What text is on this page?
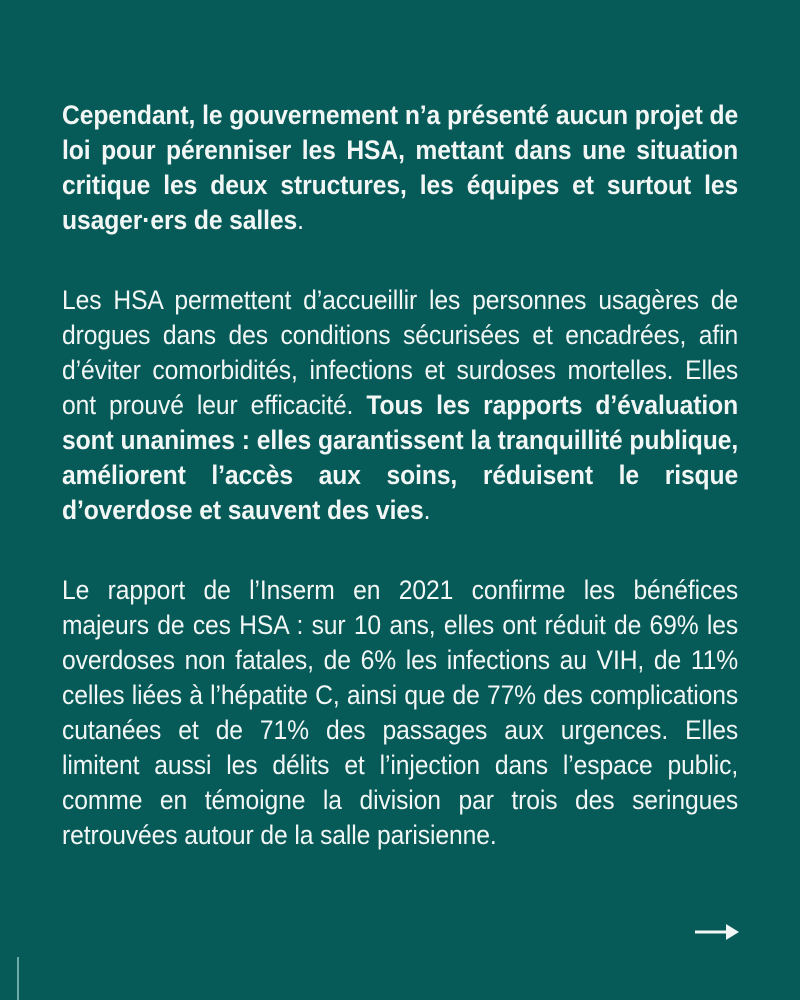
Cependant, le gouvernement n’a présenté aucun projet de loi pour pérenniser les HSA, mettant dans une situation critique les deux structures, les équipes et surtout les usager·ers de salles.

Les HSA permettent d’accueillir les personnes usagères de drogues dans des conditions sécurisées et encadrées, afin d’éviter comorbidités, infections et surdoses mortelles. Elles ont prouvé leur efficacité. Tous les rapports d’évaluation sont unanimes : elles garantissent la tranquillité publique, améliorent l’accès aux soins, réduisent le risque d’overdose et sauvent des vies.

Le rapport de l’Inserm en 2021 confirme les bénéfices majeurs de ces HSA : sur 10 ans, elles ont réduit de 69% les overdoses non fatales, de 6% les infections au VIH, de 11% celles liées à l’hépatite C, ainsi que de 77% des complications cutanées et de 71% des passages aux urgences. Elles limitent aussi les délits et l’injection dans l’espace public, comme en témoigne la division par trois des seringues retrouvées autour de la salle parisienne.
